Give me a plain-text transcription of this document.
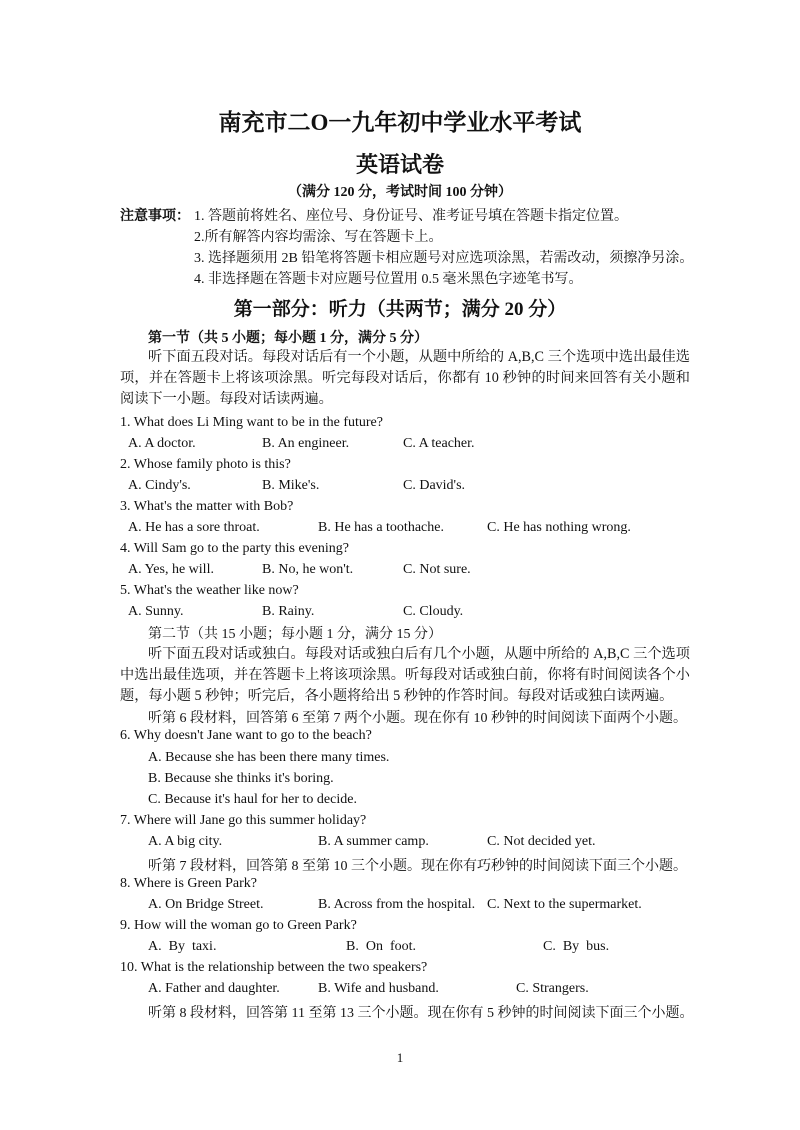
南充市二O一九年初中学业水平考试
英语试卷
（满分 120 分，考试时间 100 分钟）
注意事项： 1. 答题前将姓名、座位号、身份证号、准考证号填在答题卡指定位置。
2.所有解答内容均需涂、写在答题卡上。
3. 选择题须用 2B 铅笔将答题卡相应题号对应选项涂黑，若需改动，须擦净另涂。
4. 非选择题在答题卡对应题号位置用 0.5 毫米黑色字迹笔书写。
第一部分：听力（共两节；满分 20 分）
第一节（共 5 小题；每小题 1 分，满分 5 分）
听下面五段对话。每段对话后有一个小题，从题中所给的 A,B,C 三个选项中选出最佳选项，并在答题卡上将该项涂黑。听完每段对话后，你都有 10 秒钟的时间来回答有关小题和阅读下一小题。每段对话读两遍。
1. What does Li Ming want to be in the future?
A. A doctor.	B. An engineer.	C. A teacher.
2. Whose family photo is this?
A. Cindy's.	B. Mike's.	C. David's.
3. What's the matter with Bob?
A. He has a sore throat.	B. He has a toothache.	C. He has nothing wrong.
4. Will Sam go to the party this evening?
A. Yes, he will.	B. No, he won't.	C. Not sure.
5. What's the weather like now?
A. Sunny.	B. Rainy.	C. Cloudy.
第二节（共 15 小题；每小题 1 分，满分 15 分）
听下面五段对话或独白。每段对话或独白后有几个小题，从题中所给的 A,B,C 三个选项中选出最佳选项，并在答题卡上将该项涂黑。听每段对话或独白前，你将有时间阅读各个小题，每小题 5 秒钟；听完后，各小题将给出 5 秒钟的作答时间。每段对话或独白读两遍。
听第 6 段材料，回答第 6 至第 7 两个小题。现在你有 10 秒钟的时间阅读下面两个小题。
6. Why doesn't Jane want to go to the beach?
A. Because she has been there many times.
B. Because she thinks it's boring.
C. Because it's haul for her to decide.
7. Where will Jane go this summer holiday?
A. A big city.	B. A summer camp.	C. Not decided yet.
听第 7 段材料，回答第 8 至第 10 三个小题。现在你有巧秒钟的时间阅读下面三个小题。
8. Where is Green Park?
A. On Bridge Street.	B. Across from the hospital. C. Next to the supermarket.
9. How will the woman go to Green Park?
A.  By  taxi.	B.  On  foot.	C.  By  bus.
10. What is the relationship between the two speakers?
A. Father and daughter.	B. Wife and husband.	C. Strangers.
听第 8 段材料，回答第 11 至第 13 三个小题。现在你有 5 秒钟的时间阅读下面三个小题。
1
